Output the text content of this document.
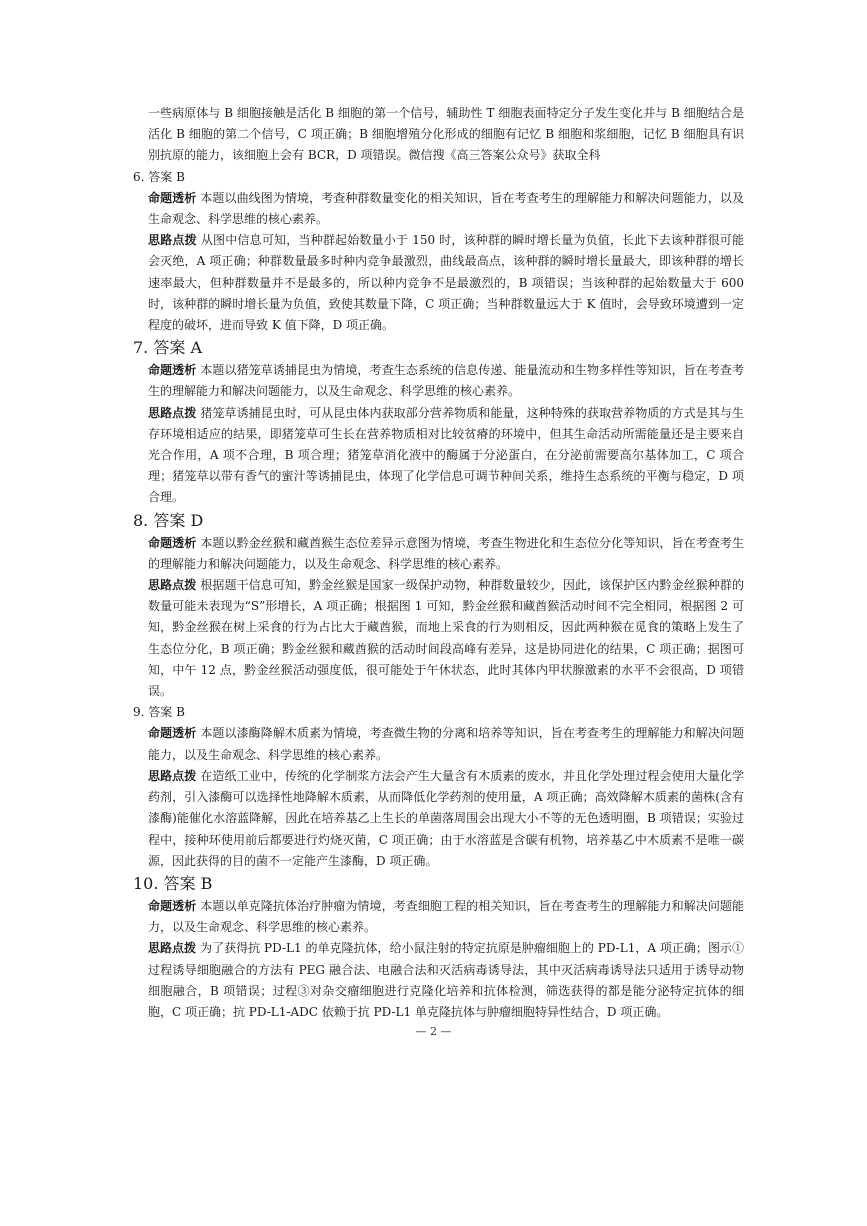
一些病原体与 B 细胞接触是活化 B 细胞的第一个信号，辅助性 T 细胞表面特定分子发生变化并与 B 细胞结合是活化 B 细胞的第二个信号，C 项正确；B 细胞增殖分化形成的细胞有记忆 B 细胞和浆细胞，记忆 B 细胞具有识别抗原的能力，该细胞上会有 BCR，D 项错误。微信搜《高三答案公众号》获取全科

6. 答案 B

命题透析 本题以曲线图为情境，考查种群数量变化的相关知识，旨在考查考生的理解能力和解决问题能力，以及生命观念、科学思维的核心素养。

思路点拨 从图中信息可知，当种群起始数量小于 150 时，该种群的瞬时增长量为负值，长此下去该种群很可能会灭绝，A 项正确；种群数量最多时种内竞争最激烈，曲线最高点，该种群的瞬时增长量最大，即该种群的增长速率最大，但种群数量并不是最多的，所以种内竞争不是最激烈的，B 项错误；当该种群的起始数量大于 600 时，该种群的瞬时增长量为负值，致使其数量下降，C 项正确；当种群数量远大于 K 值时，会导致环境遭到一定程度的破坏，进而导致 K 值下降，D 项正确。

7. 答案 A

命题透析 本题以猪笼草诱捕昆虫为情境，考查生态系统的信息传递、能量流动和生物多样性等知识，旨在考查考生的理解能力和解决问题能力，以及生命观念、科学思维的核心素养。

思路点拨 猪笼草诱捕昆虫时，可从昆虫体内获取部分营养物质和能量，这种特殊的获取营养物质的方式是其与生存环境相适应的结果，即猪笼草可生长在营养物质相对比较贫瘠的环境中，但其生命活动所需能量还是主要来自光合作用，A 项不合理，B 项合理；猪笼草消化液中的酶属于分泌蛋白，在分泌前需要高尔基体加工，C 项合理；猪笼草以带有香气的蜜汁等诱捕昆虫，体现了化学信息可调节种间关系，维持生态系统的平衡与稳定，D 项合理。

8. 答案 D

命题透析 本题以黔金丝猴和藏酋猴生态位差异示意图为情境，考查生物进化和生态位分化等知识，旨在考查考生的理解能力和解决问题能力，以及生命观念、科学思维的核心素养。

思路点拨 根据题干信息可知，黔金丝猴是国家一级保护动物，种群数量较少，因此，该保护区内黔金丝猴种群的数量可能未表现为“S”形增长，A 项正确；根据图 1 可知，黔金丝猴和藏酋猴活动时间不完全相同，根据图 2 可知，黔金丝猴在树上采食的行为占比大于藏酋猴，而地上采食的行为则相反，因此两种猴在觅食的策略上发生了生态位分化，B 项正确；黔金丝猴和藏酋猴的活动时间段高峰有差异，这是协同进化的结果，C 项正确；据图可知，中午 12 点，黔金丝猴活动强度低，很可能处于午休状态，此时其体内甲状腺激素的水平不会很高，D 项错误。

9. 答案 B

命题透析 本题以漆酶降解木质素为情境，考查微生物的分离和培养等知识，旨在考查考生的理解能力和解决问题能力，以及生命观念、科学思维的核心素养。

思路点拨 在造纸工业中，传统的化学制浆方法会产生大量含有木质素的废水，并且化学处理过程会使用大量化学药剂，引入漆酶可以选择性地降解木质素，从而降低化学药剂的使用量，A 项正确；高效降解木质素的菌株(含有漆酶)能催化水溶蓝降解，因此在培养基乙上生长的单菌落周围会出现大小不等的无色透明圈，B 项错误；实验过程中，接种环使用前后都要进行灼烧灭菌，C 项正确；由于水溶蓝是含碳有机物，培养基乙中木质素不是唯一碳源，因此获得的目的菌不一定能产生漆酶，D 项正确。

10. 答案 B

命题透析 本题以单克隆抗体治疗肿瘤为情境，考查细胞工程的相关知识，旨在考查考生的理解能力和解决问题能力，以及生命观念、科学思维的核心素养。

思路点拨 为了获得抗 PD-L1 的单克隆抗体，给小鼠注射的特定抗原是肿瘤细胞上的 PD-L1，A 项正确；图示①过程诱导细胞融合的方法有 PEG 融合法、电融合法和灭活病毒诱导法，其中灭活病毒诱导法只适用于诱导动物细胞融合，B 项错误；过程③对杂交瘤细胞进行克隆化培养和抗体检测，筛选获得的都是能分泌特定抗体的细胞，C 项正确；抗 PD-L1-ADC 依赖于抗 PD-L1 单克隆抗体与肿瘤细胞特异性结合，D 项正确。

— 2 —
